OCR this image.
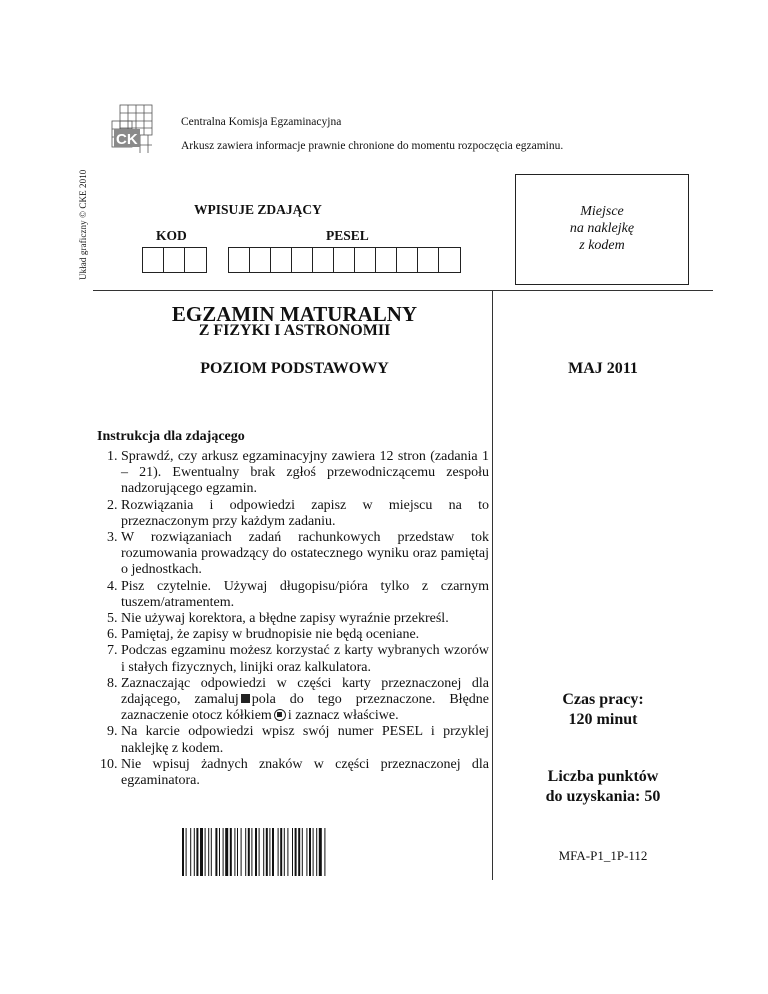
CK
Centralna Komisja Egzaminacyjna
Arkusz zawiera informacje prawnie chronione do momentu rozpoczęcia egzaminu.
Układ graficzny © CKE 2010	WPISUJE ZDAJĄCY
KOD	PESEL
Miejsce
na naklejkę
z kodem
EGZAMIN MATURALNY
Z FIZYKI I ASTRONOMII
POZIOM PODSTAWOWY	MAJ 2011
Instrukcja dla zdającego
1. Sprawdź, czy arkusz egzaminacyjny zawiera 12 stron (zadania 1 – 21). Ewentualny brak zgłoś przewodniczącemu zespołu nadzorującego egzamin.
2. Rozwiązania i odpowiedzi zapisz w miejscu na to przeznaczonym przy każdym zadaniu.
3. W rozwiązaniach zadań rachunkowych przedstaw tok rozumowania prowadzący do ostatecznego wyniku oraz pamiętaj o jednostkach.
4. Pisz czytelnie. Używaj długopisu/pióra tylko z czarnym tuszem/atramentem.
5. Nie używaj korektora, a błędne zapisy wyraźnie przekreśl.
6. Pamiętaj, że zapisy w brudnopisie nie będą oceniane.
7. Podczas egzaminu możesz korzystać z karty wybranych wzorów i stałych fizycznych, linijki oraz kalkulatora.
8. Zaznaczając odpowiedzi w części karty przeznaczonej dla zdającego, zamaluj pola do tego przeznaczone. Błędne zaznaczenie otocz kółkiem i zaznacz właściwe.
9. Na karcie odpowiedzi wpisz swój numer PESEL i przyklej naklejkę z kodem.
10. Nie wpisuj żadnych znaków w części przeznaczonej dla egzaminatora.
Czas pracy:
120 minut
Liczba punktów
do uzyskania: 50
MFA-P1_1P-112
